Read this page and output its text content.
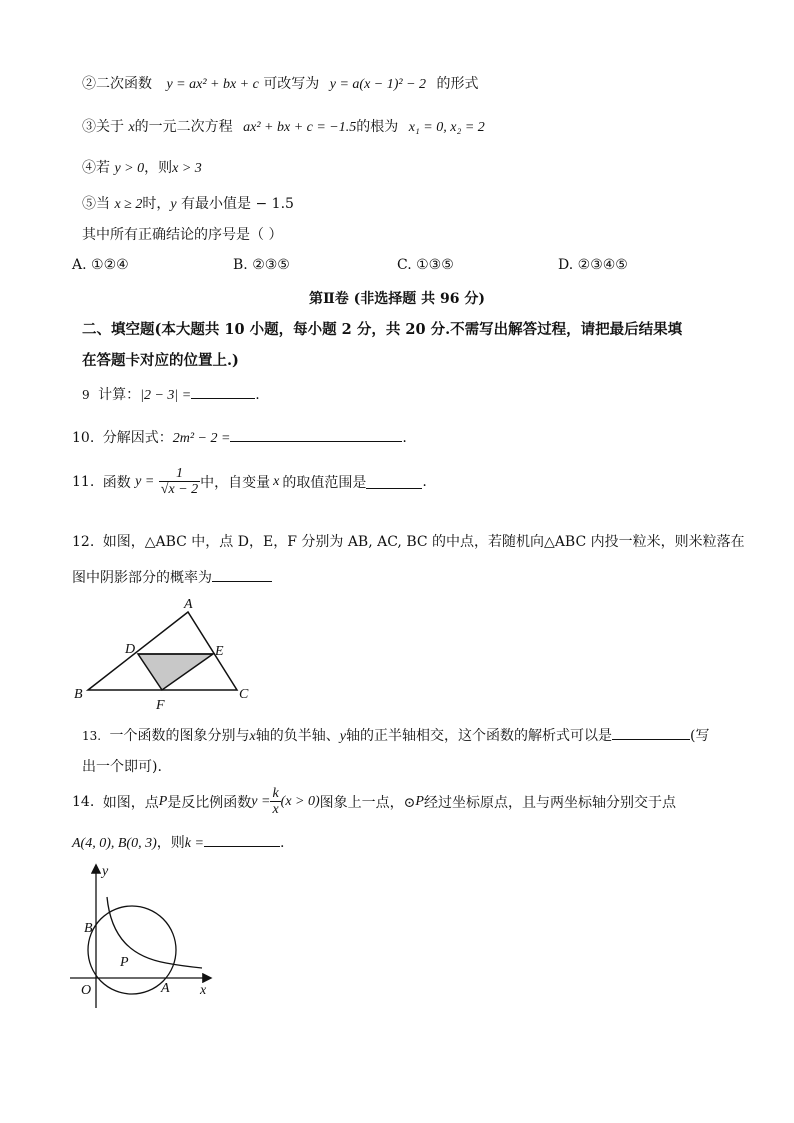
②二次函数 y = ax² + bx + c 可改写为 y = a(x − 1)² − 2 的形式
③关于 x的一元二次方程 ax² + bx + c = −1.5的根为 x₁ = 0, x₂ = 2
④若 y > 0，则x > 3
⑤当 x ≥ 2时，y 有最小值是 − 1.5
其中所有正确结论的序号是（ ）
A. ①②④	B. ②③⑤	C. ①③⑤	D. ②③④⑤
第Ⅱ卷 (非选择题 共 96 分)
二、填空题(本大题共 10 小题，每小题 2 分，共 20 分.不需写出解答过程，请把最后结果填
在答题卡对应的位置上.)
9 计算：|2 − 3| =	.
10. 分解因式：2m² − 2 =	.
11. 函数 $y = \frac{1}{√x - 2}$ 中，自变量 x 的取值范围是	.
12. 如图，△ABC 中，点 D，E，F 分别为 AB, AC, BC 的中点，若随机向△ABC 内投一粒米，则米粒落在
图中阴影部分的概率为
A
B	C
D	E
F
13. 一个函数的图象分别与x轴的负半轴、y轴的正半轴相交，这个函数的解析式可以是	(写
出一个即可).
14. 如图，点P是反比例函数$y = \frac{k}{x} (x > 0)$图象上一点，⊙P经过坐标原点，且与两坐标轴分别交于点
A(4, 0), B(0, 3)，则k =	.
y
x
O	A
B
P
